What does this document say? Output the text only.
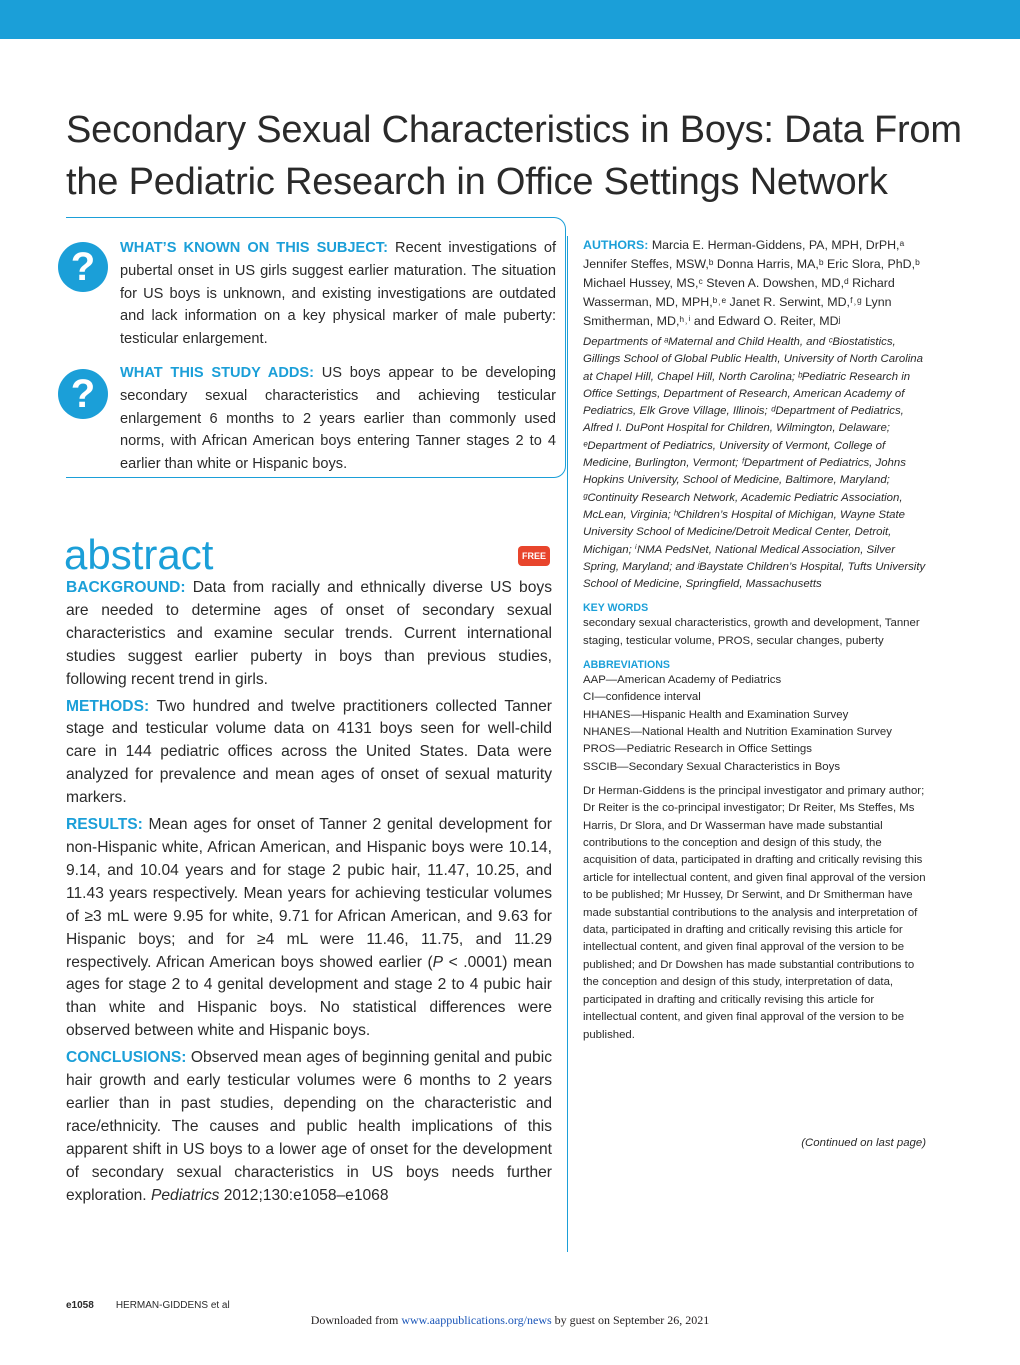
Secondary Sexual Characteristics in Boys: Data From the Pediatric Research in Office Settings Network
?	WHAT’S KNOWN ON THIS SUBJECT: Recent investigations of pubertal onset in US girls suggest earlier maturation. The situation for US boys is unknown, and existing investigations are outdated and lack information on a key physical marker of male puberty: testicular enlargement.

?	WHAT THIS STUDY ADDS: US boys appear to be developing secondary sexual characteristics and achieving testicular enlargement 6 months to 2 years earlier than commonly used norms, with African American boys entering Tanner stages 2 to 4 earlier than white or Hispanic boys.

abstract	FREE

BACKGROUND: Data from racially and ethnically diverse US boys are needed to determine ages of onset of secondary sexual characteristics and examine secular trends. Current international studies suggest earlier puberty in boys than previous studies, following recent trend in girls.

METHODS: Two hundred and twelve practitioners collected Tanner stage and testicular volume data on 4131 boys seen for well-child care in 144 pediatric offices across the United States. Data were analyzed for prevalence and mean ages of onset of sexual maturity markers.

RESULTS: Mean ages for onset of Tanner 2 genital development for non-Hispanic white, African American, and Hispanic boys were 10.14, 9.14, and 10.04 years and for stage 2 pubic hair, 11.47, 10.25, and 11.43 years respectively. Mean years for achieving testicular volumes of ≥3 mL were 9.95 for white, 9.71 for African American, and 9.63 for Hispanic boys; and for ≥4 mL were 11.46, 11.75, and 11.29 respectively. African American boys showed earlier (P < .0001) mean ages for stage 2 to 4 genital development and stage 2 to 4 pubic hair than white and Hispanic boys. No statistical differences were observed between white and Hispanic boys.

CONCLUSIONS: Observed mean ages of beginning genital and pubic hair growth and early testicular volumes were 6 months to 2 years earlier than in past studies, depending on the characteristic and race/ethnicity. The causes and public health implications of this apparent shift in US boys to a lower age of onset for the development of secondary sexual characteristics in US boys needs further exploration. Pediatrics 2012;130:e1058–e1068

AUTHORS: Marcia E. Herman-Giddens, PA, MPH, DrPH,ᵃ Jennifer Steffes, MSW,ᵇ Donna Harris, MA,ᵇ Eric Slora, PhD,ᵇ Michael Hussey, MS,ᶜ Steven A. Dowshen, MD,ᵈ Richard Wasserman, MD, MPH,ᵇ˒ᵉ Janet R. Serwint, MD,ᶠ˒ᵍ Lynn Smitherman, MD,ʰ˒ⁱ and Edward O. Reiter, MDʲ

Departments of ᵃMaternal and Child Health, and ᶜBiostatistics, Gillings School of Global Public Health, University of North Carolina at Chapel Hill, Chapel Hill, North Carolina; ᵇPediatric Research in Office Settings, Department of Research, American Academy of Pediatrics, Elk Grove Village, Illinois; ᵈDepartment of Pediatrics, Alfred I. DuPont Hospital for Children, Wilmington, Delaware; ᵉDepartment of Pediatrics, University of Vermont, College of Medicine, Burlington, Vermont; ᶠDepartment of Pediatrics, Johns Hopkins University, School of Medicine, Baltimore, Maryland; ᵍContinuity Research Network, Academic Pediatric Association, McLean, Virginia; ʰChildren’s Hospital of Michigan, Wayne State University School of Medicine/Detroit Medical Center, Detroit, Michigan; ⁱNMA PedsNet, National Medical Association, Silver Spring, Maryland; and ʲBaystate Children’s Hospital, Tufts University School of Medicine, Springfield, Massachusetts

KEY WORDS

secondary sexual characteristics, growth and development, Tanner staging, testicular volume, PROS, secular changes, puberty

ABBREVIATIONS

AAP—American Academy of Pediatrics
CI—confidence interval
HHANES—Hispanic Health and Examination Survey
NHANES—National Health and Nutrition Examination Survey
PROS—Pediatric Research in Office Settings
SSCIB—Secondary Sexual Characteristics in Boys

Dr Herman-Giddens is the principal investigator and primary author; Dr Reiter is the co-principal investigator; Dr Reiter, Ms Steffes, Ms Harris, Dr Slora, and Dr Wasserman have made substantial contributions to the conception and design of this study, the acquisition of data, participated in drafting and critically revising this article for intellectual content, and given final approval of the version to be published; Mr Hussey, Dr Serwint, and Dr Smitherman have made substantial contributions to the analysis and interpretation of data, participated in drafting and critically revising this article for intellectual content, and given final approval of the version to be published; and Dr Dowshen has made substantial contributions to the conception and design of this study, interpretation of data, participated in drafting and critically revising this article for intellectual content, and given final approval of the version to be published.

(Continued on last page)

e1058 HERMAN-GIDDENS et al

Downloaded from www.aappublications.org/news by guest on September 26, 2021
